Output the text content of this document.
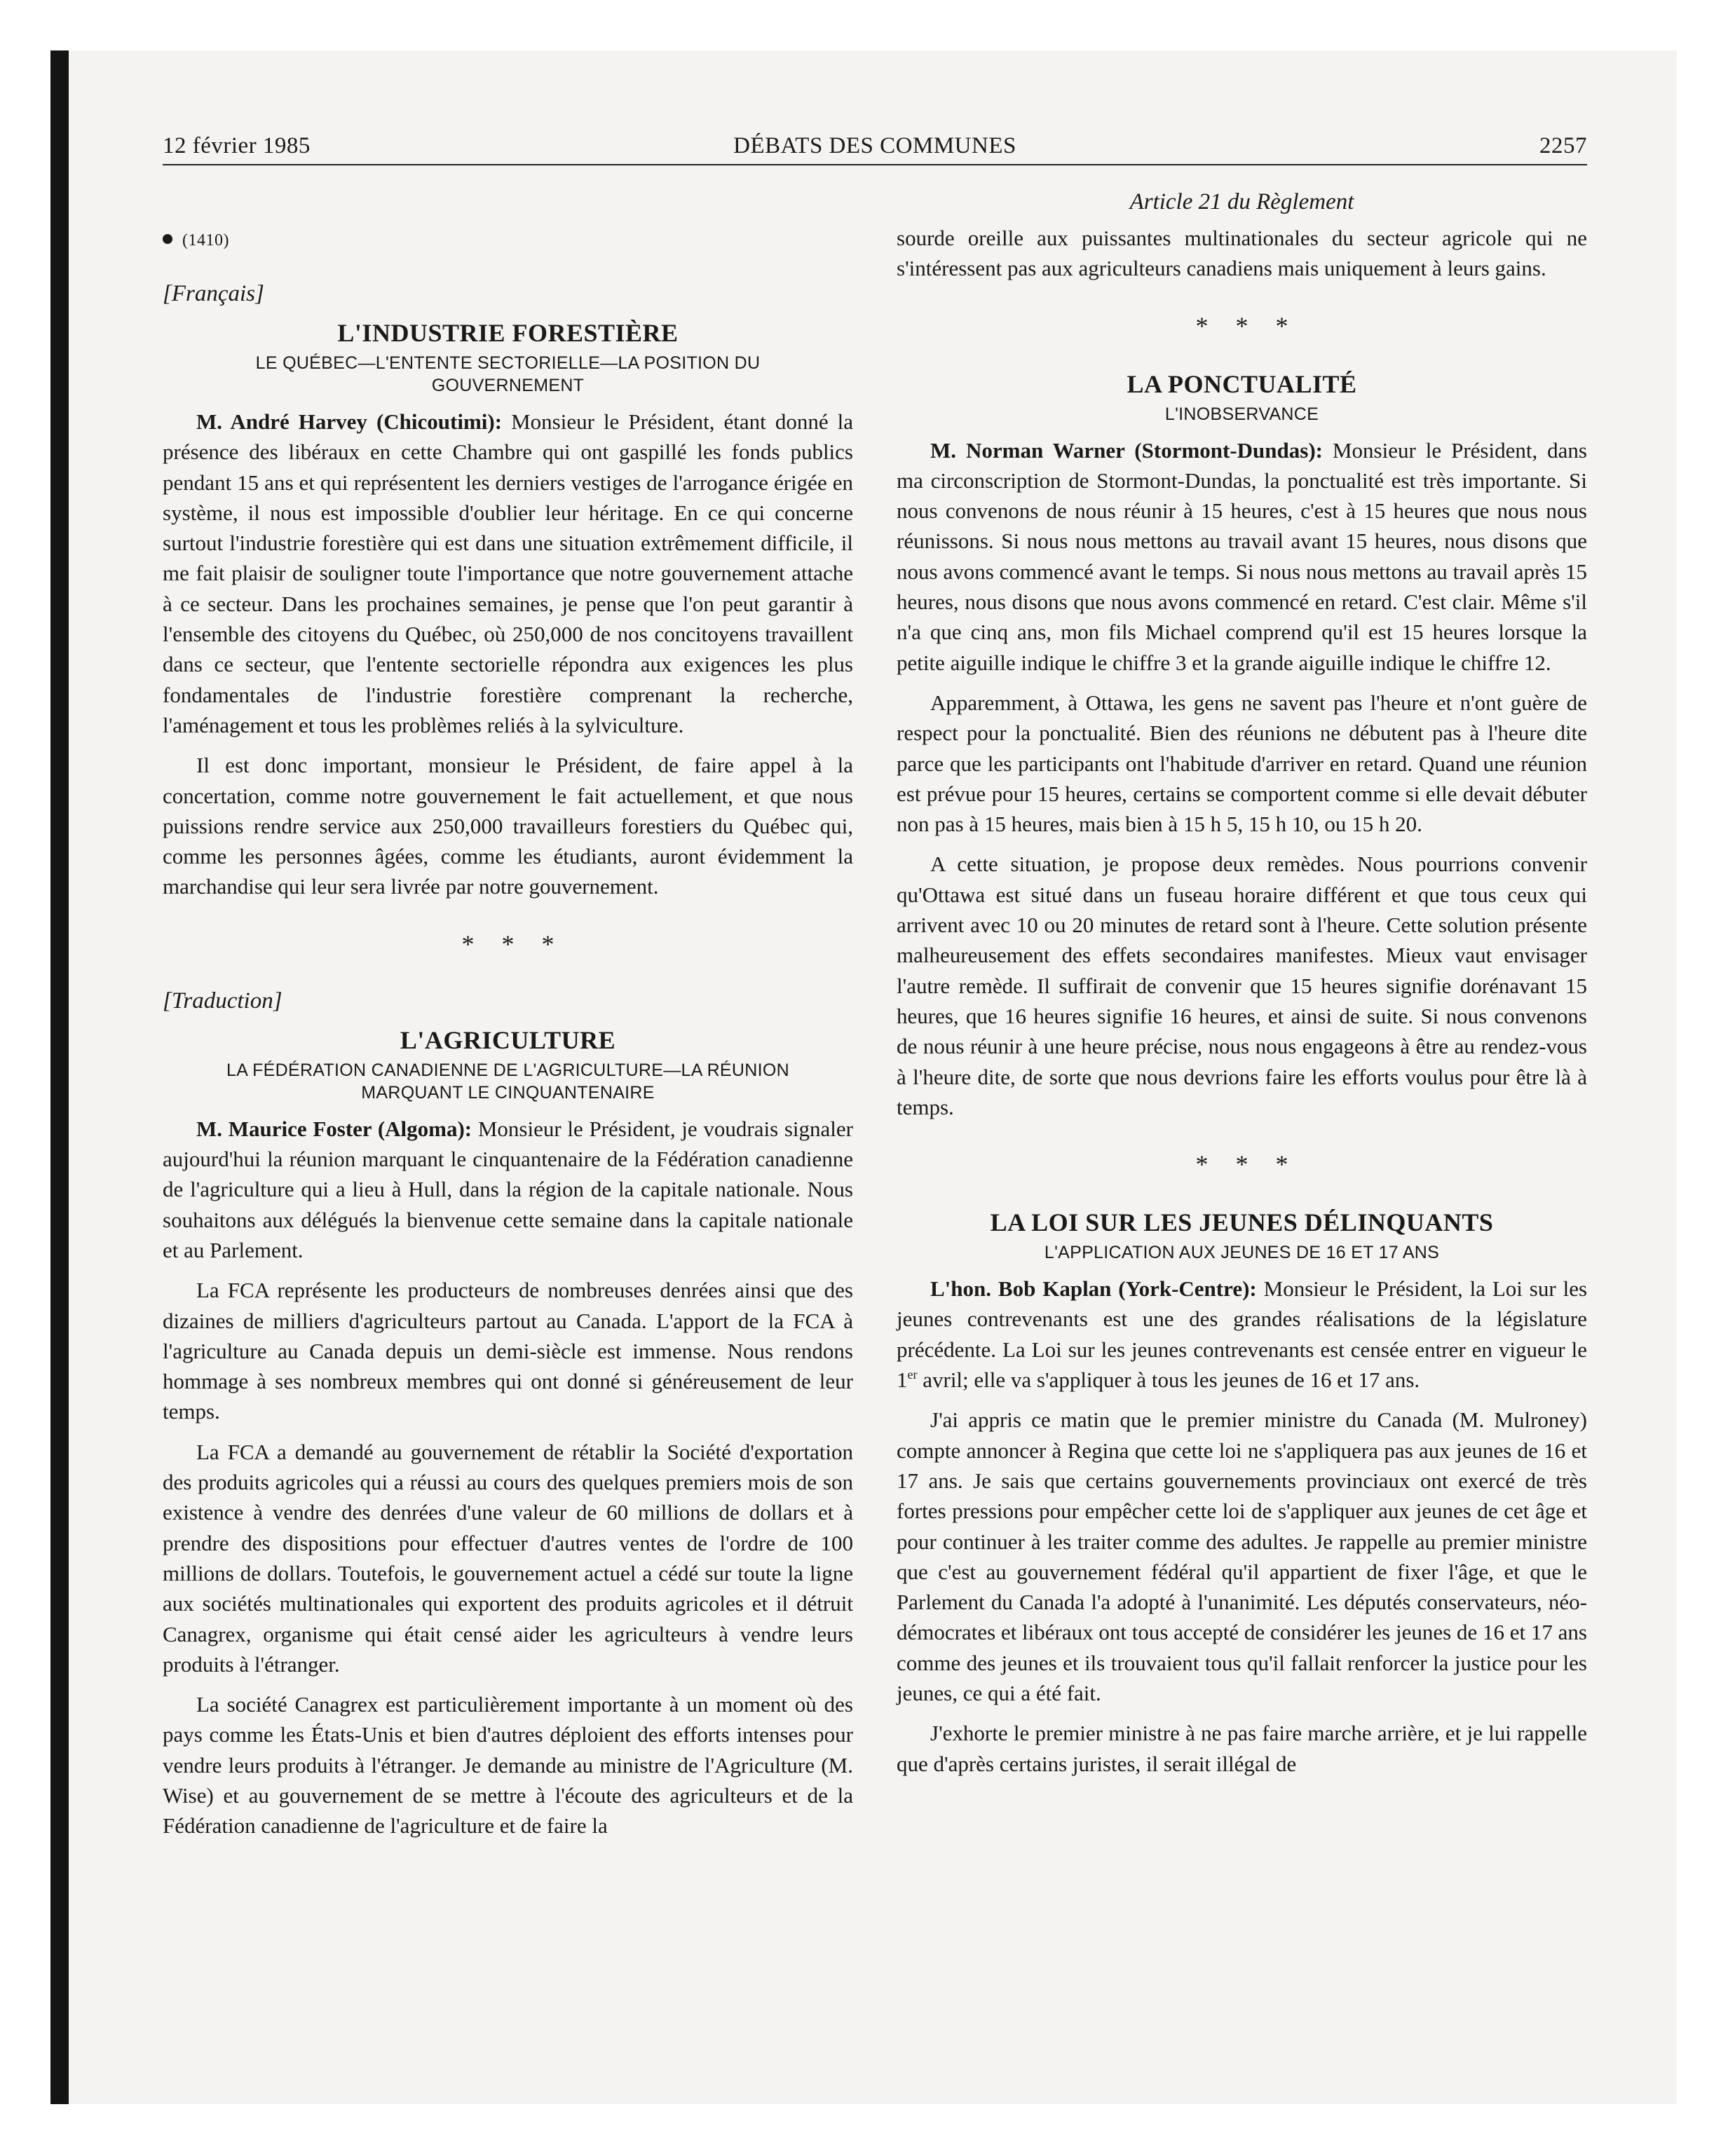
12 février 1985	DÉBATS DES COMMUNES	2257
(1410)
[Français]
L'INDUSTRIE FORESTIÈRE
LE QUÉBEC—L'ENTENTE SECTORIELLE—LA POSITION DU GOUVERNEMENT

M. André Harvey (Chicoutimi): Monsieur le Président, étant donné la présence des libéraux en cette Chambre qui ont gaspillé les fonds publics pendant 15 ans et qui représentent les derniers vestiges de l'arrogance érigée en système, il nous est impossible d'oublier leur héritage. En ce qui concerne surtout l'industrie forestière qui est dans une situation extrêmement difficile, il me fait plaisir de souligner toute l'importance que notre gouvernement attache à ce secteur. Dans les prochaines semaines, je pense que l'on peut garantir à l'ensemble des citoyens du Québec, où 250,000 de nos concitoyens travaillent dans ce secteur, que l'entente sectorielle répondra aux exigences les plus fondamentales de l'industrie forestière comprenant la recherche, l'aménagement et tous les problèmes reliés à la sylviculture.

Il est donc important, monsieur le Président, de faire appel à la concertation, comme notre gouvernement le fait actuellement, et que nous puissions rendre service aux 250,000 travailleurs forestiers du Québec qui, comme les personnes âgées, comme les étudiants, auront évidemment la marchandise qui leur sera livrée par notre gouvernement.

* * *
[Traduction]
L'AGRICULTURE
LA FÉDÉRATION CANADIENNE DE L'AGRICULTURE—LA RÉUNION MARQUANT LE CINQUANTENAIRE

M. Maurice Foster (Algoma): Monsieur le Président, je voudrais signaler aujourd'hui la réunion marquant le cinquantenaire de la Fédération canadienne de l'agriculture qui a lieu à Hull, dans la région de la capitale nationale. Nous souhaitons aux délégués la bienvenue cette semaine dans la capitale nationale et au Parlement.

La FCA représente les producteurs de nombreuses denrées ainsi que des dizaines de milliers d'agriculteurs partout au Canada. L'apport de la FCA à l'agriculture au Canada depuis un demi-siècle est immense. Nous rendons hommage à ses nombreux membres qui ont donné si généreusement de leur temps.

La FCA a demandé au gouvernement de rétablir la Société d'exportation des produits agricoles qui a réussi au cours des quelques premiers mois de son existence à vendre des denrées d'une valeur de 60 millions de dollars et à prendre des dispositions pour effectuer d'autres ventes de l'ordre de 100 millions de dollars. Toutefois, le gouvernement actuel a cédé sur toute la ligne aux sociétés multinationales qui exportent des produits agricoles et il détruit Canagrex, organisme qui était censé aider les agriculteurs à vendre leurs produits à l'étranger.

La société Canagrex est particulièrement importante à un moment où des pays comme les États-Unis et bien d'autres déploient des efforts intenses pour vendre leurs produits à l'étranger. Je demande au ministre de l'Agriculture (M. Wise) et au gouvernement de se mettre à l'écoute des agriculteurs et de la Fédération canadienne de l'agriculture et de faire la

Article 21 du Règlement

sourde oreille aux puissantes multinationales du secteur agricole qui ne s'intéressent pas aux agriculteurs canadiens mais uniquement à leurs gains.

* * *
LA PONCTUALITÉ
L'INOBSERVANCE

M. Norman Warner (Stormont-Dundas): Monsieur le Président, dans ma circonscription de Stormont-Dundas, la ponctualité est très importante. Si nous convenons de nous réunir à 15 heures, c'est à 15 heures que nous nous réunissons. Si nous nous mettons au travail avant 15 heures, nous disons que nous avons commencé avant le temps. Si nous nous mettons au travail après 15 heures, nous disons que nous avons commencé en retard. C'est clair. Même s'il n'a que cinq ans, mon fils Michael comprend qu'il est 15 heures lorsque la petite aiguille indique le chiffre 3 et la grande aiguille indique le chiffre 12.

Apparemment, à Ottawa, les gens ne savent pas l'heure et n'ont guère de respect pour la ponctualité. Bien des réunions ne débutent pas à l'heure dite parce que les participants ont l'habitude d'arriver en retard. Quand une réunion est prévue pour 15 heures, certains se comportent comme si elle devait débuter non pas à 15 heures, mais bien à 15 h 5, 15 h 10, ou 15 h 20.

A cette situation, je propose deux remèdes. Nous pourrions convenir qu'Ottawa est situé dans un fuseau horaire différent et que tous ceux qui arrivent avec 10 ou 20 minutes de retard sont à l'heure. Cette solution présente malheureusement des effets secondaires manifestes. Mieux vaut envisager l'autre remède. Il suffirait de convenir que 15 heures signifie dorénavant 15 heures, que 16 heures signifie 16 heures, et ainsi de suite. Si nous convenons de nous réunir à une heure précise, nous nous engageons à être au rendez-vous à l'heure dite, de sorte que nous devrions faire les efforts voulus pour être là à temps.

* * *
LA LOI SUR LES JEUNES DÉLINQUANTS
L'APPLICATION AUX JEUNES DE 16 ET 17 ANS

L'hon. Bob Kaplan (York-Centre): Monsieur le Président, la Loi sur les jeunes contrevenants est une des grandes réalisations de la législature précédente. La Loi sur les jeunes contrevenants est censée entrer en vigueur le 1er avril; elle va s'appliquer à tous les jeunes de 16 et 17 ans.

J'ai appris ce matin que le premier ministre du Canada (M. Mulroney) compte annoncer à Regina que cette loi ne s'appliquera pas aux jeunes de 16 et 17 ans. Je sais que certains gouvernements provinciaux ont exercé de très fortes pressions pour empêcher cette loi de s'appliquer aux jeunes de cet âge et pour continuer à les traiter comme des adultes. Je rappelle au premier ministre que c'est au gouvernement fédéral qu'il appartient de fixer l'âge, et que le Parlement du Canada l'a adopté à l'unanimité. Les députés conservateurs, néo-démocrates et libéraux ont tous accepté de considérer les jeunes de 16 et 17 ans comme des jeunes et ils trouvaient tous qu'il fallait renforcer la justice pour les jeunes, ce qui a été fait.

J'exhorte le premier ministre à ne pas faire marche arrière, et je lui rappelle que d'après certains juristes, il serait illégal de
